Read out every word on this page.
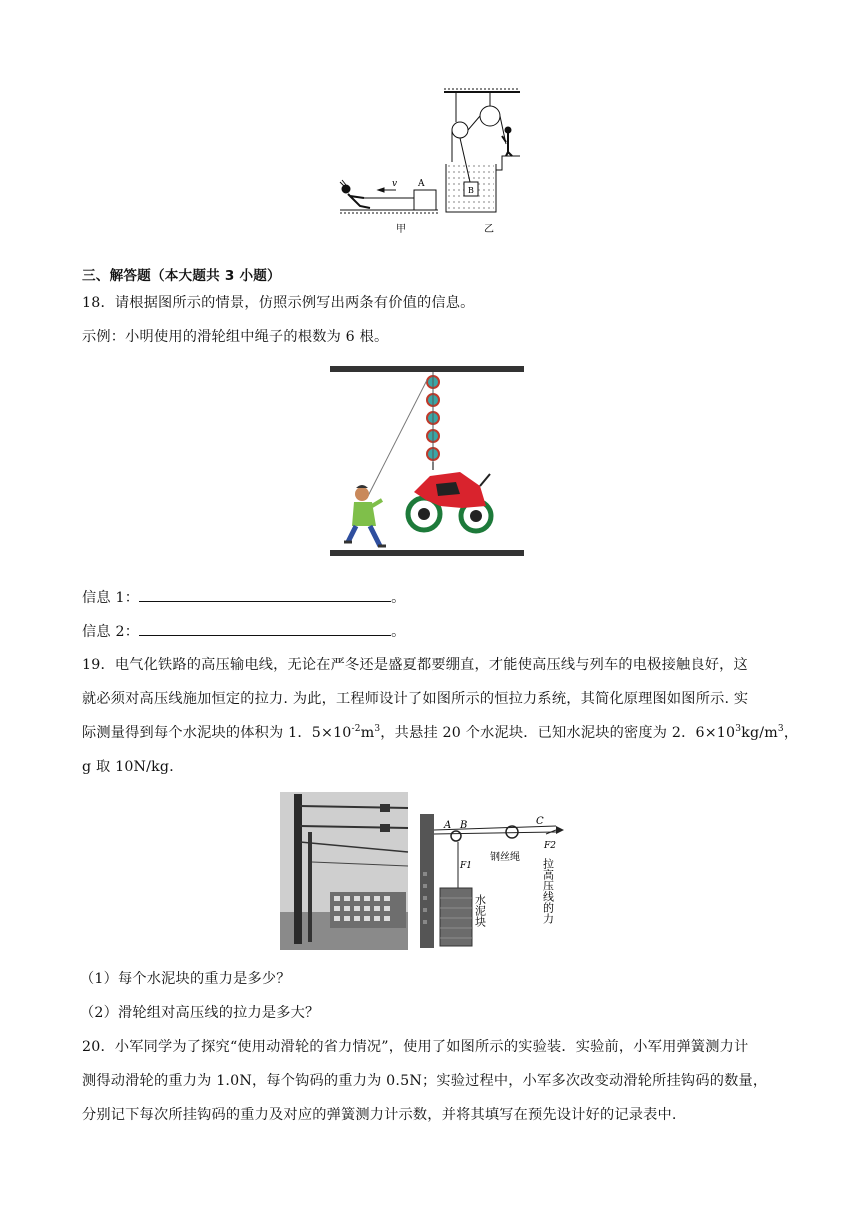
v A
B
甲	乙
三、解答题（本大题共 3 小题）
18．请根据图所示的情景，仿照示例写出两条有价值的信息。
示例：小明使用的滑轮组中绳子的根数为 6 根。
信息 1：	。
信息 2：	。
19．电气化铁路的高压输电线，无论在严冬还是盛夏都要绷直，才能使高压线与列车的电极接触良好，这
就必须对高压线施加恒定的拉力. 为此，工程师设计了如图所示的恒拉力系统，其简化原理图如图所示. 实
际测量得到每个水泥块的体积为 1．$5\times 10^{-2}m^3$，共悬挂 20 个水泥块．已知水泥块的密度为 2．$6\times 10^3kg/m^3$，
g 取 10N/kg．
A B	C
F1
F2
钢丝绳
拉高压线的力
水泥块
（1）每个水泥块的重力是多少？
（2）滑轮组对高压线的拉力是多大？
20．小军同学为了探究“使用动滑轮的省力情况”，使用了如图所示的实验装．实验前，小军用弹簧测力计
测得动滑轮的重力为 1.0N，每个钩码的重力为 0.5N；实验过程中，小军多次改变动滑轮所挂钩码的数量，
分别记下每次所挂钩码的重力及对应的弹簧测力计示数，并将其填写在预先设计好的记录表中.
